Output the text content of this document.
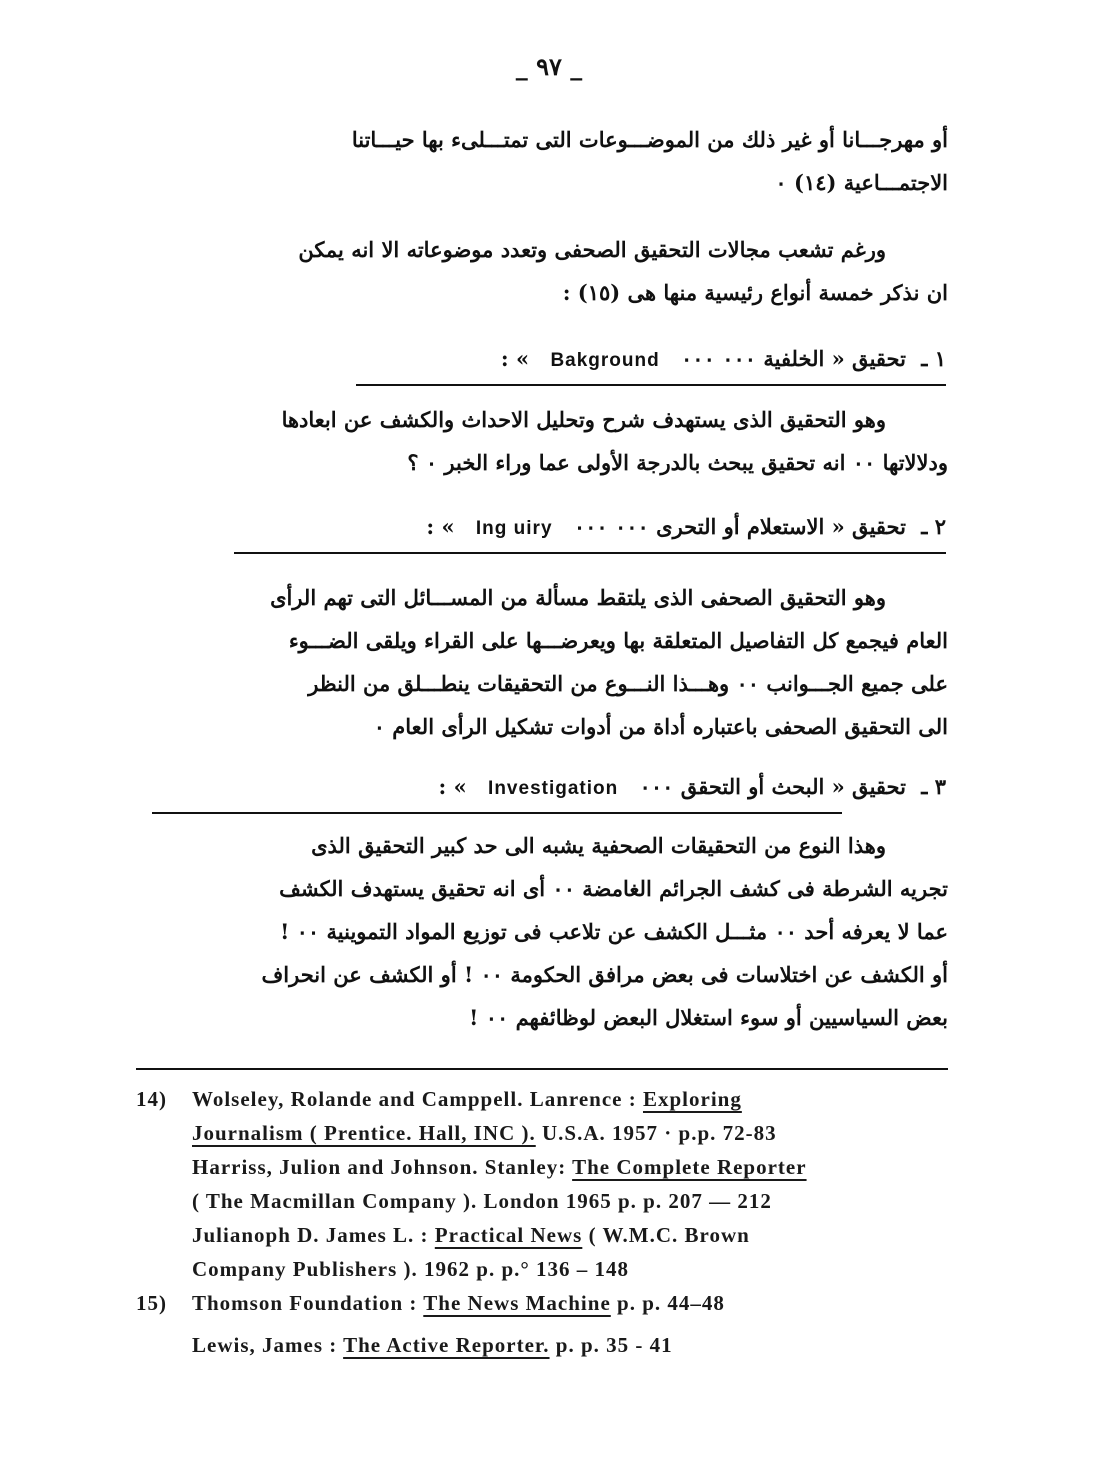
_ ٩٧ _

أو مهرجـــانا أو غير ذلك من الموضـــوعات التى تمتـــلىء بها حيـــاتنا
الاجتمـــاعية (١٤) ٠

ورغم تشعب مجالات التحقيق الصحفى وتعدد موضوعاته الا انه يمكن
ان نذكر خمسة أنواع رئيسية منها هى (١٥) :

١ ـ تحقيق « الخلفية ٠٠٠ ٠٠٠ Bakground » :

وهو التحقيق الذى يستهدف شرح وتحليل الاحداث والكشف عن ابعادها
ودلالاتها ٠٠ انه تحقيق يبحث بالدرجة الأولى عما وراء الخبر ٠ ؟

٢ ـ تحقيق « الاستعلام أو التحرى ٠٠٠ ٠٠٠ Ing uiry » :

وهو التحقيق الصحفى الذى يلتقط مسألة من المســـائل التى تهم الرأى
العام فيجمع كل التفاصيل المتعلقة بها ويعرضـــها على القراء ويلقى الضـــوء
على جميع الجـــوانب ٠٠ وهـــذا النـــوع من التحقيقات ينطـــلق من النظر
الى التحقيق الصحفى باعتباره أداة من أدوات تشكيل الرأى العام ٠

٣ ـ تحقيق « البحث أو التحقق ٠٠٠ Investigation » :

وهذا النوع من التحقيقات الصحفية يشبه الى حد كبير التحقيق الذى
تجريه الشرطة فى كشف الجرائم الغامضة ٠٠ أى انه تحقيق يستهدف الكشف
عما لا يعرفه أحد ٠٠ مثـــل الكشف عن تلاعب فى توزيع المواد التموينية ٠٠ !
أو الكشف عن اختلاسات فى بعض مرافق الحكومة ٠٠ ! أو الكشف عن انحراف
بعض السياسيين أو سوء استغلال البعض لوظائفهم ٠٠ !

14)	Wolseley, Rolande and Camppell. Lanrence : Exploring
Journalism ( Prentice. Hall, INC ). U.S.A. 1957 · p.p. 72-83
Harriss, Julion and Johnson. Stanley: The Complete Reporter
( The Macmillan Company ). London 1965 p. p. 207 — 212
Julianoph D. James L. : Practical News ( W.M.C. Brown
Company Publishers ). 1962 p. p.° 136 – 148
15)	Thomson Foundation : The News Machine p. p. 44–48
Lewis, James : The Active Reporter. p. p. 35 - 41
